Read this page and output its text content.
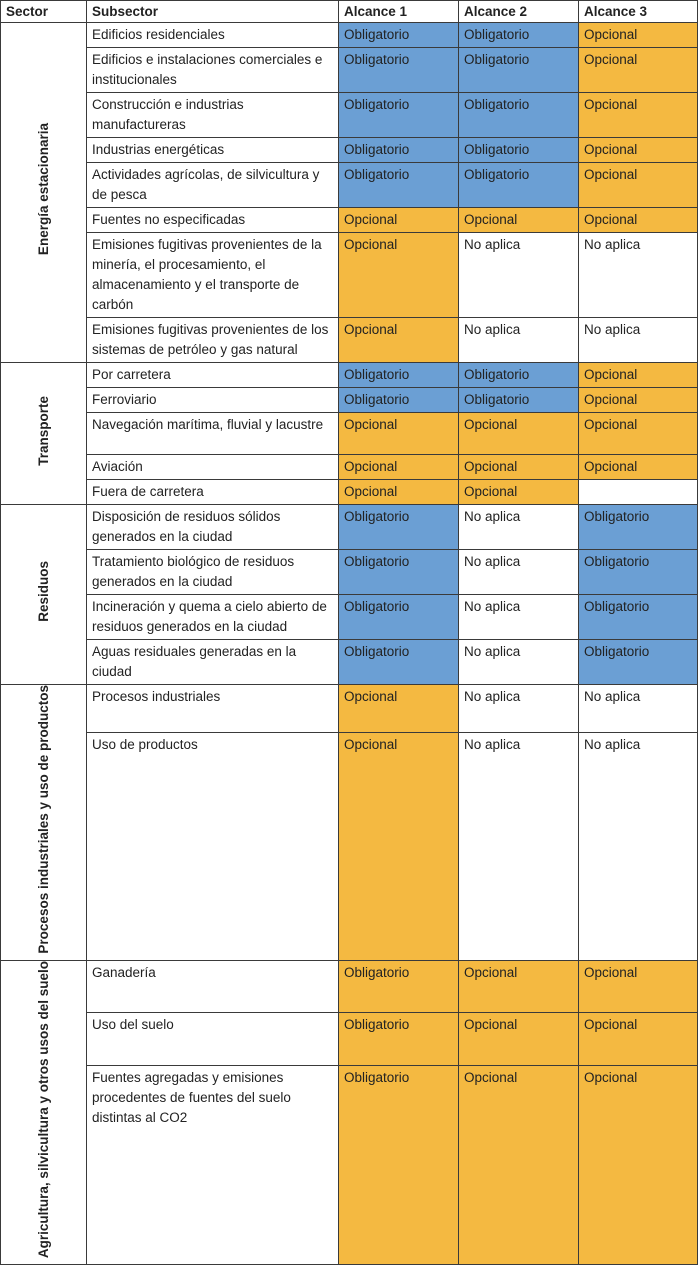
Sector	Subsector	Alcance 1	Alcance 2	Alcance 3
Energía estacionaria	Edificios residenciales	Obligatorio	Obligatorio	Opcional
	Edificios e instalaciones comerciales e institucionales	Obligatorio	Obligatorio	Opcional
	Construcción e industrias manufactureras	Obligatorio	Obligatorio	Opcional
	Industrias energéticas	Obligatorio	Obligatorio	Opcional
	Actividades agrícolas, de silvicultura y de pesca	Obligatorio	Obligatorio	Opcional
	Fuentes no especificadas	Opcional	Opcional	Opcional
	Emisiones fugitivas provenientes de la minería, el procesamiento, el almacenamiento y el transporte de carbón	Opcional	No aplica	No aplica
	Emisiones fugitivas provenientes de los sistemas de petróleo y gas natural	Opcional	No aplica	No aplica
Transporte	Por carretera	Obligatorio	Obligatorio	Opcional
	Ferroviario	Obligatorio	Obligatorio	Opcional
	Navegación marítima, fluvial y lacustre	Opcional	Opcional	Opcional
	Aviación	Opcional	Opcional	Opcional
	Fuera de carretera	Opcional	Opcional	
Residuos	Disposición de residuos sólidos generados en la ciudad	Obligatorio	No aplica	Obligatorio
	Tratamiento biológico de residuos generados en la ciudad	Obligatorio	No aplica	Obligatorio
	Incineración y quema a cielo abierto de residuos generados en la ciudad	Obligatorio	No aplica	Obligatorio
	Aguas residuales generadas en la ciudad	Obligatorio	No aplica	Obligatorio
Procesos industriales y uso de productos	Procesos industriales	Opcional	No aplica	No aplica
	Uso de productos	Opcional	No aplica	No aplica
Agricultura, silvicultura y otros usos del suelo	Ganadería	Obligatorio	Opcional	Opcional
	Uso del suelo	Obligatorio	Opcional	Opcional
	Fuentes agregadas y emisiones procedentes de fuentes del suelo distintas al CO2	Obligatorio	Opcional	Opcional
